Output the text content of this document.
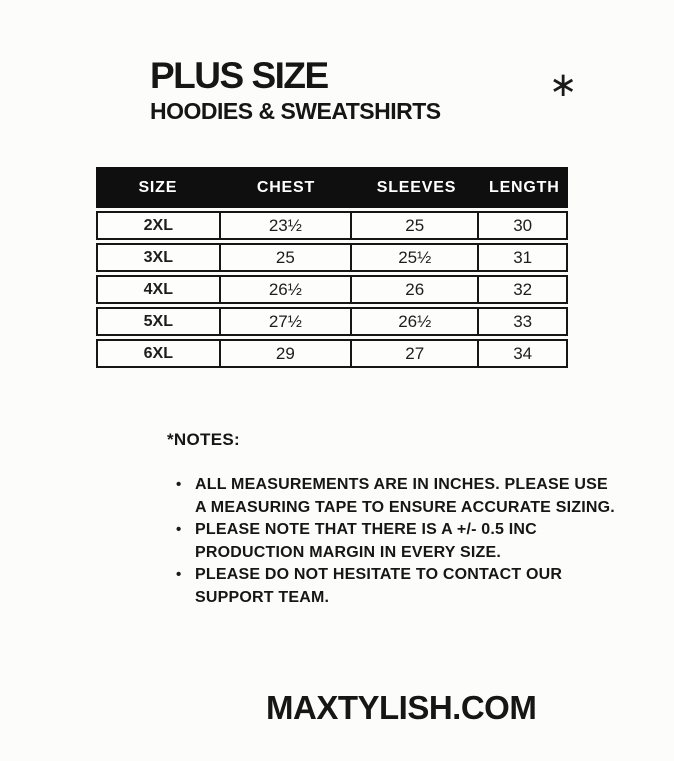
PLUS SIZE
HOODIES & SWEATSHIRTS
∗
SIZE	CHEST	SLEEVES	LENGTH
2XL	23½	25	30
3XL	25	25½	31
4XL	26½	26	32
5XL	27½	26½	33
6XL	29	27	34
*NOTES:
• ALL MEASUREMENTS ARE IN INCHES. PLEASE USE A MEASURING TAPE TO ENSURE ACCURATE SIZING.
• PLEASE NOTE THAT THERE IS A +/- 0.5 INC PRODUCTION MARGIN IN EVERY SIZE.
• PLEASE DO NOT HESITATE TO CONTACT OUR SUPPORT TEAM.
MAXTYLISH.COM
